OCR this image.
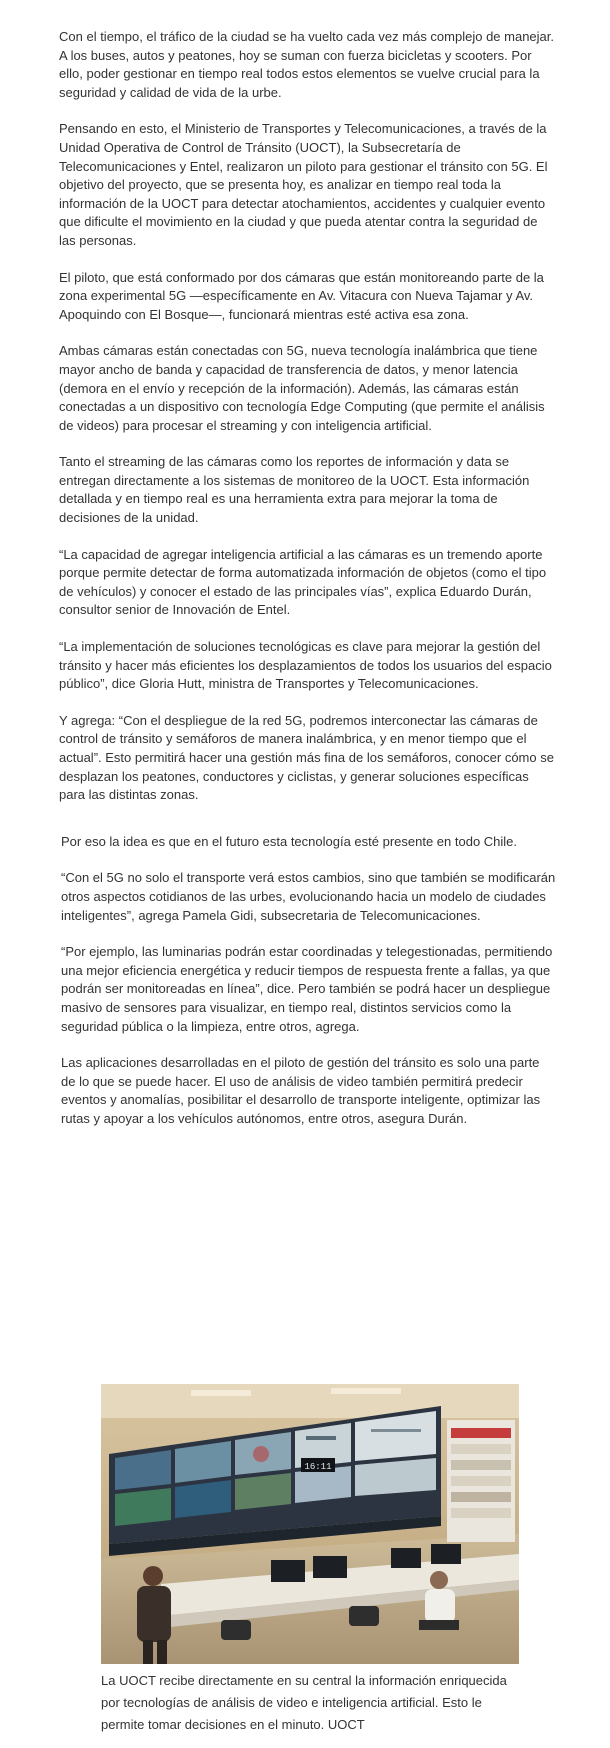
Con el tiempo, el tráfico de la ciudad se ha vuelto cada vez más complejo de manejar. A los buses, autos y peatones, hoy se suman con fuerza bicicletas y scooters. Por ello, poder gestionar en tiempo real todos estos elementos se vuelve crucial para la seguridad y calidad de vida de la urbe.

Pensando en esto, el Ministerio de Transportes y Telecomunicaciones, a través de la Unidad Operativa de Control de Tránsito (UOCT), la Subsecretaría de Telecomunicaciones y Entel, realizaron un piloto para gestionar el tránsito con 5G. El objetivo del proyecto, que se presenta hoy, es analizar en tiempo real toda la información de la UOCT para detectar atochamientos, accidentes y cualquier evento que dificulte el movimiento en la ciudad y que pueda atentar contra la seguridad de las personas.

El piloto, que está conformado por dos cámaras que están monitoreando parte de la zona experimental 5G —específicamente en Av. Vitacura con Nueva Tajamar y Av. Apoquindo con El Bosque—, funcionará mientras esté activa esa zona.

Ambas cámaras están conectadas con 5G, nueva tecnología inalámbrica que tiene mayor ancho de banda y capacidad de transferencia de datos, y menor latencia (demora en el envío y recepción de la información). Además, las cámaras están conectadas a un dispositivo con tecnología Edge Computing (que permite el análisis de videos) para procesar el streaming y con inteligencia artificial.

Tanto el streaming de las cámaras como los reportes de información y data se entregan directamente a los sistemas de monitoreo de la UOCT. Esta información detallada y en tiempo real es una herramienta extra para mejorar la toma de decisiones de la unidad.

“La capacidad de agregar inteligencia artificial a las cámaras es un tremendo aporte porque permite detectar de forma automatizada información de objetos (como el tipo de vehículos) y conocer el estado de las principales vías”, explica Eduardo Durán, consultor senior de Innovación de Entel.

“La implementación de soluciones tecnológicas es clave para mejorar la gestión del tránsito y hacer más eficientes los desplazamientos de todos los usuarios del espacio público”, dice Gloria Hutt, ministra de Transportes y Telecomunicaciones.

Y agrega: “Con el despliegue de la red 5G, podremos interconectar las cámaras de control de tránsito y semáforos de manera inalámbrica, y en menor tiempo que el actual”. Esto permitirá hacer una gestión más fina de los semáforos, conocer cómo se desplazan los peatones, conductores y ciclistas, y generar soluciones específicas para las distintas zonas.

Por eso la idea es que en el futuro esta tecnología esté presente en todo Chile.

“Con el 5G no solo el transporte verá estos cambios, sino que también se modificarán otros aspectos cotidianos de las urbes, evolucionando hacia un modelo de ciudades inteligentes”, agrega Pamela Gidi, subsecretaria de Telecomunicaciones.

“Por ejemplo, las luminarias podrán estar coordinadas y telegestionadas, permitiendo una mejor eficiencia energética y reducir tiempos de respuesta frente a fallas, ya que podrán ser monitoreadas en línea”, dice. Pero también se podrá hacer un despliegue masivo de sensores para visualizar, en tiempo real, distintos servicios como la seguridad pública o la limpieza, entre otros, agrega.

Las aplicaciones desarrolladas en el piloto de gestión del tránsito es solo una parte de lo que se puede hacer. El uso de análisis de video también permitirá predecir eventos y anomalías, posibilitar el desarrollo de transporte inteligente, optimizar las rutas y apoyar a los vehículos autónomos, entre otros, asegura Durán.

16:11
La UOCT recibe directamente en su central la información enriquecida por tecnologías de análisis de video e inteligencia artificial. Esto le permite tomar decisiones en el minuto. UOCT
